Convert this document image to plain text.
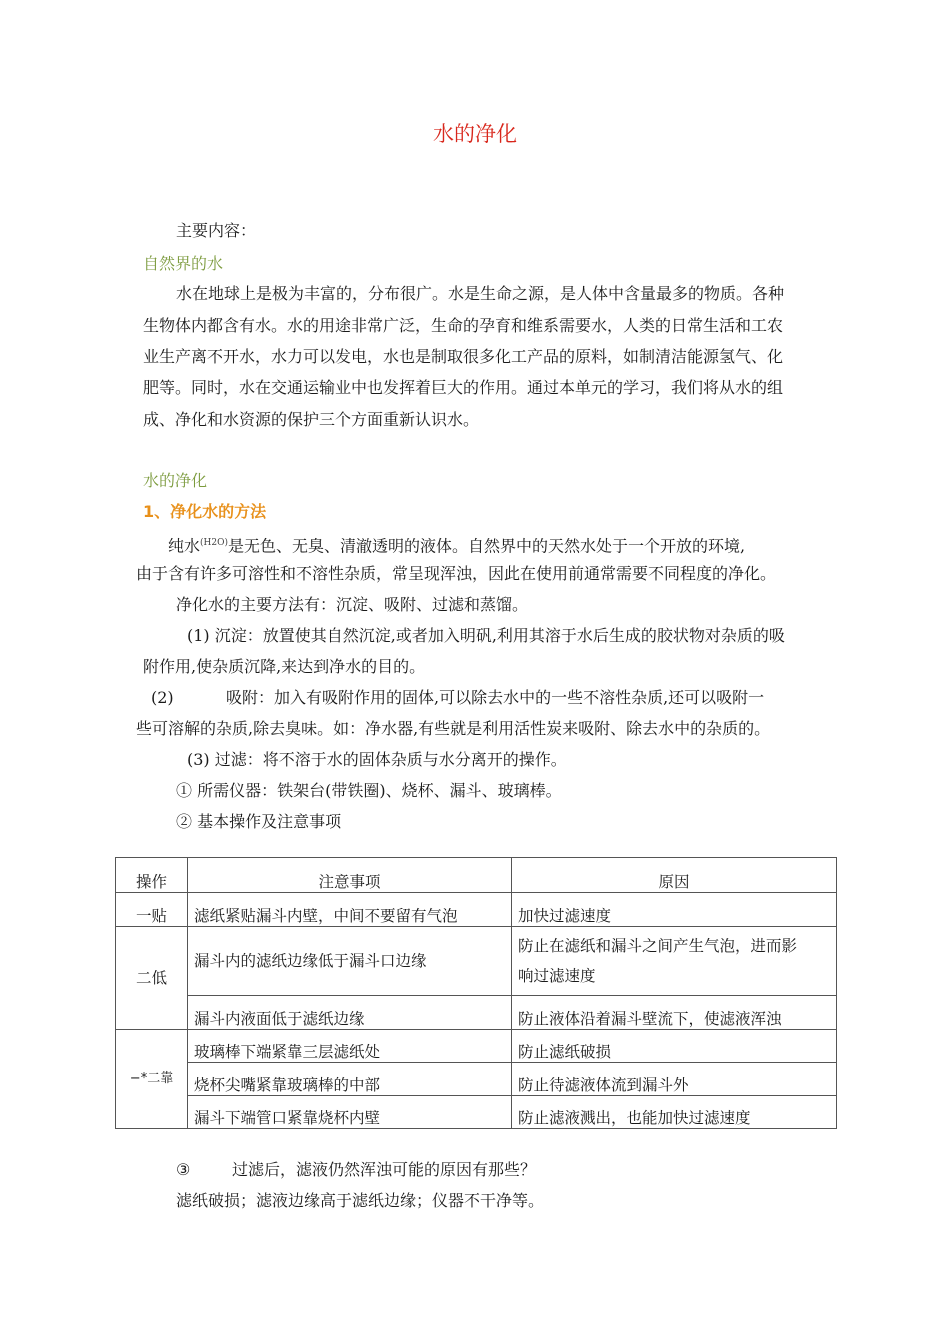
水的净化
主要内容：
自然界的水
水在地球上是极为丰富的，分布很广。水是生命之源，是人体中含量最多的物质。各种
生物体内都含有水。水的用途非常广泛，生命的孕育和维系需要水，人类的日常生活和工农
业生产离不开水，水力可以发电，水也是制取很多化工产品的原料，如制清洁能源氢气、化
肥等。同时，水在交通运输业中也发挥着巨大的作用。通过本单元的学习，我们将从水的组
成、净化和水资源的保护三个方面重新认识水。
水的净化
1、净化水的方法
纯水$^{(H2O)}$是无色、无臭、清澈透明的液体。自然界中的天然水处于一个开放的环境,
由于含有许多可溶性和不溶性杂质，常呈现浑浊，因此在使用前通常需要不同程度的净化。
净化水的主要方法有：沉淀、吸附、过滤和蒸馏。
(1) 沉淀：放置使其自然沉淀,或者加入明矾,利用其溶于水后生成的胶状物对杂质的吸
附作用,使杂质沉降,来达到净水的目的。
(2)	吸附：加入有吸附作用的固体,可以除去水中的一些不溶性杂质,还可以吸附一
些可溶解的杂质,除去臭味。如：净水器,有些就是利用活性炭来吸附、除去水中的杂质的。
(3) 过滤：将不溶于水的固体杂质与水分离开的操作。
① 所需仪器：铁架台(带铁圈)、烧杯、漏斗、玻璃棒。
② 基本操作及注意事项
操作	注意事项	原因
一贴	滤纸紧贴漏斗内壁，中间不要留有气泡	加快过滤速度
二低	漏斗内的滤纸边缘低于漏斗口边缘	防止在滤纸和漏斗之间产生气泡，进而影
响过滤速度
	漏斗内液面低于滤纸边缘	防止液体沿着漏斗壁流下，使滤液浑浊
−*二靠	玻璃棒下端紧靠三层滤纸处	防止滤纸破损
	烧杯尖嘴紧靠玻璃棒的中部	防止待滤液体流到漏斗外
	漏斗下端管口紧靠烧杯内壁	防止滤液溅出，也能加快过滤速度
③	过滤后，滤液仍然浑浊可能的原因有那些？
滤纸破损；滤液边缘高于滤纸边缘；仪器不干净等。
